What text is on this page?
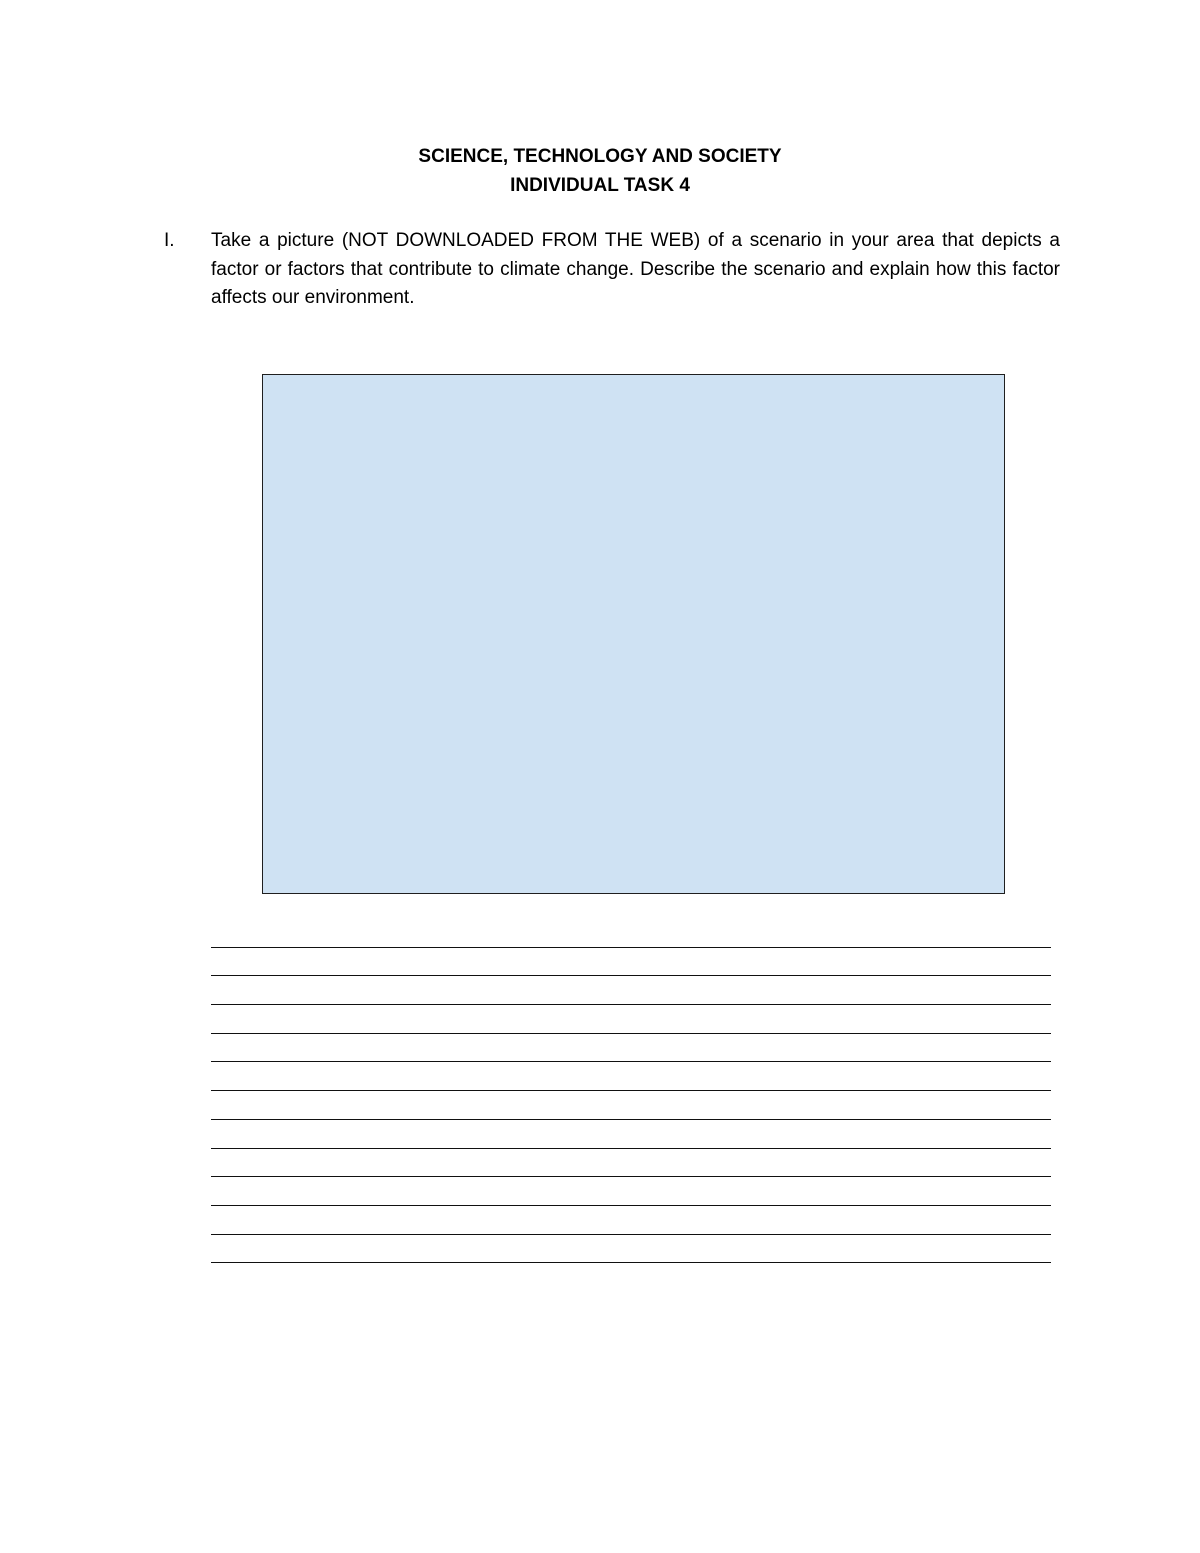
SCIENCE, TECHNOLOGY AND SOCIETY
INDIVIDUAL TASK 4
I.	Take a picture (NOT DOWNLOADED FROM THE WEB) of a scenario in your area that depicts a factor or factors that contribute to climate change. Describe the scenario and explain how this factor affects our environment.
